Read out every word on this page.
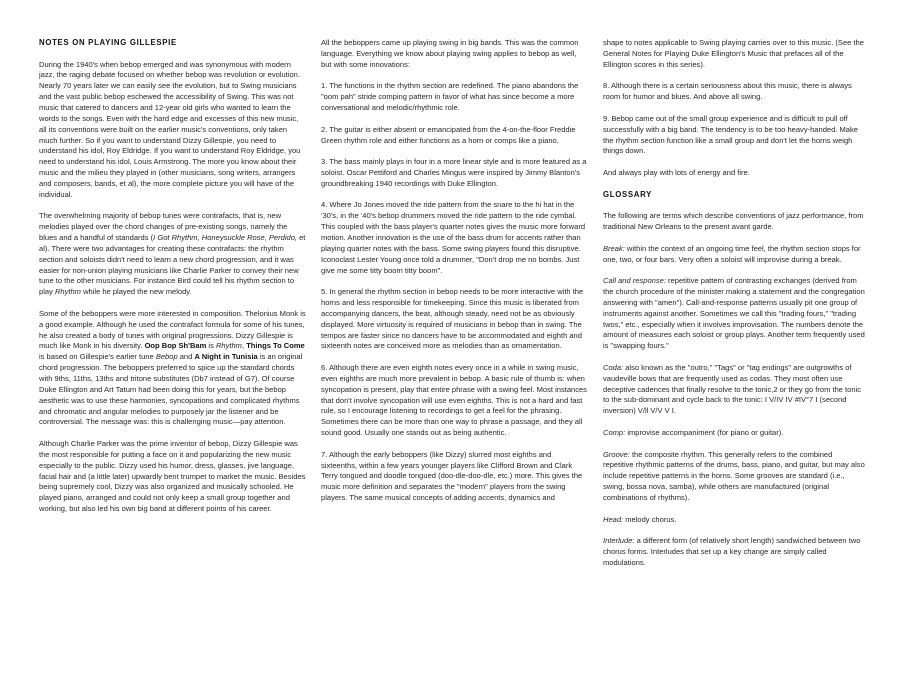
NOTES ON PLAYING GILLESPIE

During the 1940's when bebop emerged and was synonymous with modern jazz, the raging debate focused on whether bebop was revolution or evolution. Nearly 70 years later we can easily see the evolution, but to Swing musicians and the vast public bebop eschewed the accessibility of Swing. This was not music that catered to dancers and 12-year old girls who wanted to learn the words to the songs. Even with the hard edge and excesses of this new music, all its conventions were built on the earlier music's conventions, only taken much further. So if you want to understand Dizzy Gillespie, you need to understand his idol, Roy Eldridge. If you want to understand Roy Eldridge, you need to understand his idol, Louis Armstrong. The more you know about their music and the milieu they played in (other musicians, song writers, arrangers and composers, bands, et al), the more complete picture you will have of the individual.

The overwhelming majority of bebop tunes were contrafacts, that is, new melodies played over the chord changes of pre-existing songs, namely the blues and a handful of standards (I Got Rhythm, Honeysuckle Rose, Perdido, et al). There were two advantages for creating these contrafacts: the rhythm section and soloists didn't need to learn a new chord progression, and it was easier for non-union playing musicians like Charlie Parker to convey their new tune to the other musicians. For instance Bird could tell his rhythm section to play Rhythm while he played the new melody.

Some of the beboppers were more interested in composition. Thelonius Monk is a good example. Although he used the contrafact formula for some of his tunes, he also created a body of tunes with original progressions. Dizzy Gillespie is much like Monk in his diversity. Oop Bop Sh'Bam is Rhythm, Things To Come is based on Gillespie's earlier tune Bebop and A Night in Tunisia is an original chord progression. The beboppers preferred to spice up the standard chords with 9ths, 11ths, 13ths and tritone substitutes (Db7 instead of G7). Of course Duke Ellington and Art Tatum had been doing this for years, but the bebop aesthetic was to use these harmonies, syncopations and complicated rhythms and chromatic and angular melodies to purposely jar the listener and be controversial. The message was: this is challenging music—pay attention.

Although Charlie Parker was the prime inventor of bebop, Dizzy Gillespie was the most responsible for putting a face on it and popularizing the new music especially to the public. Dizzy used his humor, dress, glasses, jive language, facial hair and (a little later) upwardly bent trumpet to market the music. Besides being supremely cool, Dizzy was also organized and musically schooled. He played piano, arranged and could not only keep a small group together and working, but also led his own big band at different points of his career.

All the beboppers came up playing swing in big bands. This was the common language. Everything we know about playing swing applies to bebop as well, but with some innovations:

1. The functions in the rhythm section are redefined. The piano abandons the "oom pah" stride comping pattern in favor of what has since become a more conversational and melodic/rhythmic role.

2. The guitar is either absent or emancipated from the 4-on-the-floor Freddie Green rhythm role and either functions as a horn or comps like a piano.

3. The bass mainly plays in four in a more linear style and is more featured as a soloist. Oscar Pettiford and Charles Mingus were inspired by Jimmy Blanton's groundbreaking 1940 recordings with Duke Ellington.

4. Where Jo Jones moved the ride pattern from the snare to the hi hat in the '30's, in the '40's bebop drummers moved the ride pattern to the ride cymbal. This coupled with the bass player's quarter notes gives the music more forward motion. Another innovation is the use of the bass drum for accents rather than playing quarter notes with the bass. Some swing players found this disruptive. Iconoclast Lester Young once told a drummer, "Don't drop me no bombs. Just give me some titty boom titty boom".

5. In general the rhythm section in bebop needs to be more interactive with the horns and less responsible for timekeeping. Since this music is liberated from accompanying dancers, the beat, although steady, need not be as obviously displayed. More virtuosity is required of musicians in bebop than in swing. The tempos are faster since no dancers have to be accommodated and eighth and sixteenth notes are conceived more as melodies than as ornamentation.

6. Although there are even eighth notes every once in a while in swing music, even eighths are much more prevalent in bebop. A basic rule of thumb is: when syncopation is present, play that entire phrase with a swing feel. Most instances that don't involve syncopation will use even eighths. This is not a hard and fast rule, so I encourage listening to recordings to get a feel for the phrasing. Sometimes there can be more than one way to phrase a passage, and they all sound good. Usually one stands out as being authentic.

7. Although the early beboppers (like Dizzy) slurred most eighths and sixteenths, within a few years younger players like Clifford Brown and Clark Terry tongued and doodle tongued (doo-dle-doo-dle, etc.) more. This gives the music more definition and separates the "modern" players from the swing players. The same musical concepts of adding accents, dynamics and

shape to notes applicable to Swing playing carries over to this music. (See the General Notes for Playing Duke Ellington's Music that prefaces all of the Ellington scores in this series).

8. Although there is a certain seriousness about this music, there is always room for humor and blues. And above all swing.

9. Bebop came out of the small group experience and is difficult to pull off successfully with a big band. The tendency is to be too heavy-handed. Make the rhythm section function like a small group and don't let the horns weigh things down.

And always play with lots of energy and fire.

GLOSSARY

The following are terms which describe conventions of jazz performance, from traditional New Orleans to the present avant garde.

Break: within the context of an ongoing time feel, the rhythm section stops for one, two, or four bars. Very often a soloist will improvise during a break.

Call and response: repetitive pattern of contrasting exchanges (derived from the church procedure of the minister making a statement and the congregation answering with "amen"). Call-and-response patterns usually pit one group of instruments against another. Sometimes we call this "trading fours," "trading twos," etc., especially when it involves improvisation. The numbers denote the amount of measures each soloist or group plays. Another term frequently used is "swapping fours."

Coda: also known as the "outro," "Tags" or "tag endings" are outgrowths of vaudeville bows that are frequently used as codas. They most often use deceptive cadences that finally resolve to the tonic,2 or they go from the tonic to the sub-dominant and cycle back to the tonic: I V/IV IV #IV°7 I (second inversion) V/ll V/V V I.

Comp: improvise accompaniment (for piano or guitar).

Groove: the composite rhythm. This generally refers to the combined repetitive rhythmic patterns of the drums, bass, piano, and guitar, but may also include repetitive patterns in the horns. Some grooves are standard (i.e., swing, bossa nova, samba), while others are manufactured (original combinations of rhythms).

Head: melody chorus.

Interlude: a different form (of relatively short length) sandwiched between two chorus forms. Interludes that set up a key change are simply called modulations.
